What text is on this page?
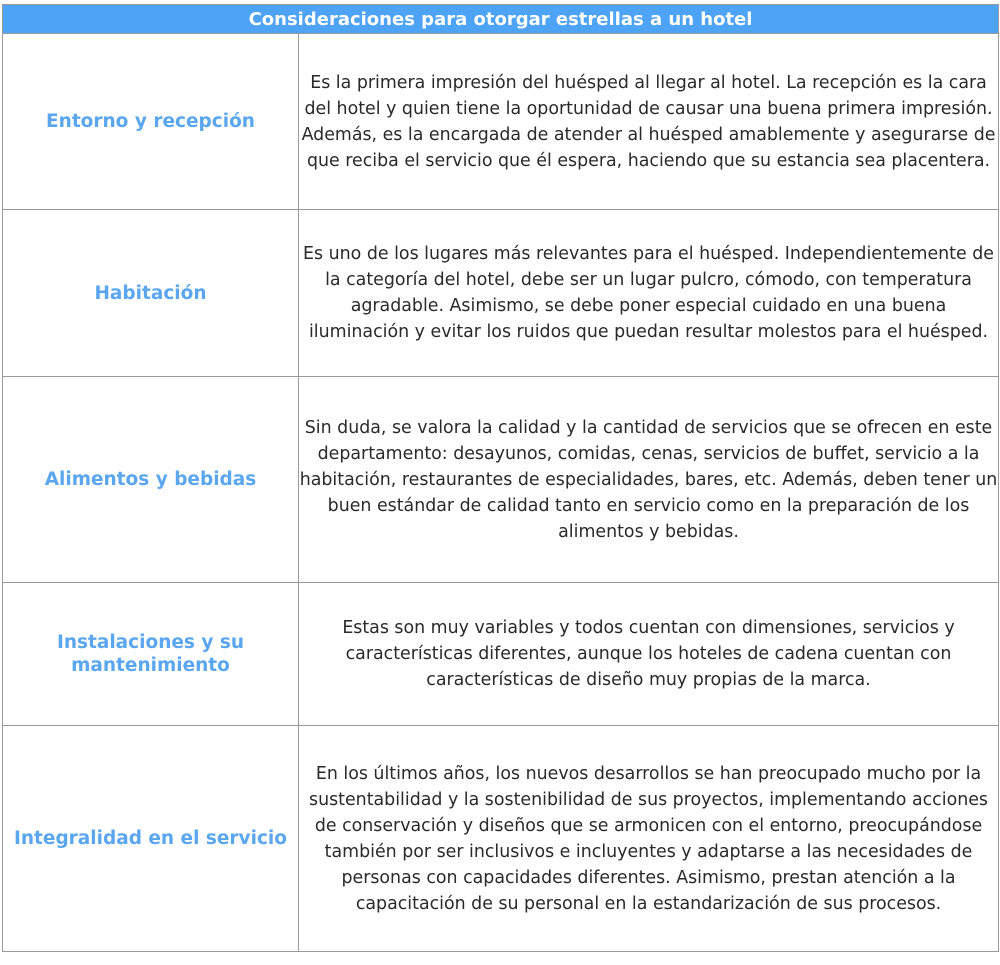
Consideraciones para otorgar estrellas a un hotel	
Entorno y recepción	Es la primera impresión del huésped al llegar al hotel. La recepción es la cara del hotel y quien tiene la oportunidad de causar una buena primera impresión. Además, es la encargada de atender al huésped amablemente y asegurarse de que reciba el servicio que él espera, haciendo que su estancia sea placentera.
Habitación	Es uno de los lugares más relevantes para el huésped. Independientemente de la categoría del hotel, debe ser un lugar pulcro, cómodo, con temperatura agradable. Asimismo, se debe poner especial cuidado en una buena iluminación y evitar los ruidos que puedan resultar molestos para el huésped.
Alimentos y bebidas	Sin duda, se valora la calidad y la cantidad de servicios que se ofrecen en este departamento: desayunos, comidas, cenas, servicios de buffet, servicio a la habitación, restaurantes de especialidades, bares, etc. Además, deben tener un buen estándar de calidad tanto en servicio como en la preparación de los alimentos y bebidas.
Instalaciones y su mantenimiento	Estas son muy variables y todos cuentan con dimensiones, servicios y características diferentes, aunque los hoteles de cadena cuentan con características de diseño muy propias de la marca.
Integralidad en el servicio	En los últimos años, los nuevos desarrollos se han preocupado mucho por la sustentabilidad y la sostenibilidad de sus proyectos, implementando acciones de conservación y diseños que se armonicen con el entorno, preocupándose también por ser inclusivos e incluyentes y adaptarse a las necesidades de personas con capacidades diferentes. Asimismo, prestan atención a la capacitación de su personal en la estandarización de sus procesos.
